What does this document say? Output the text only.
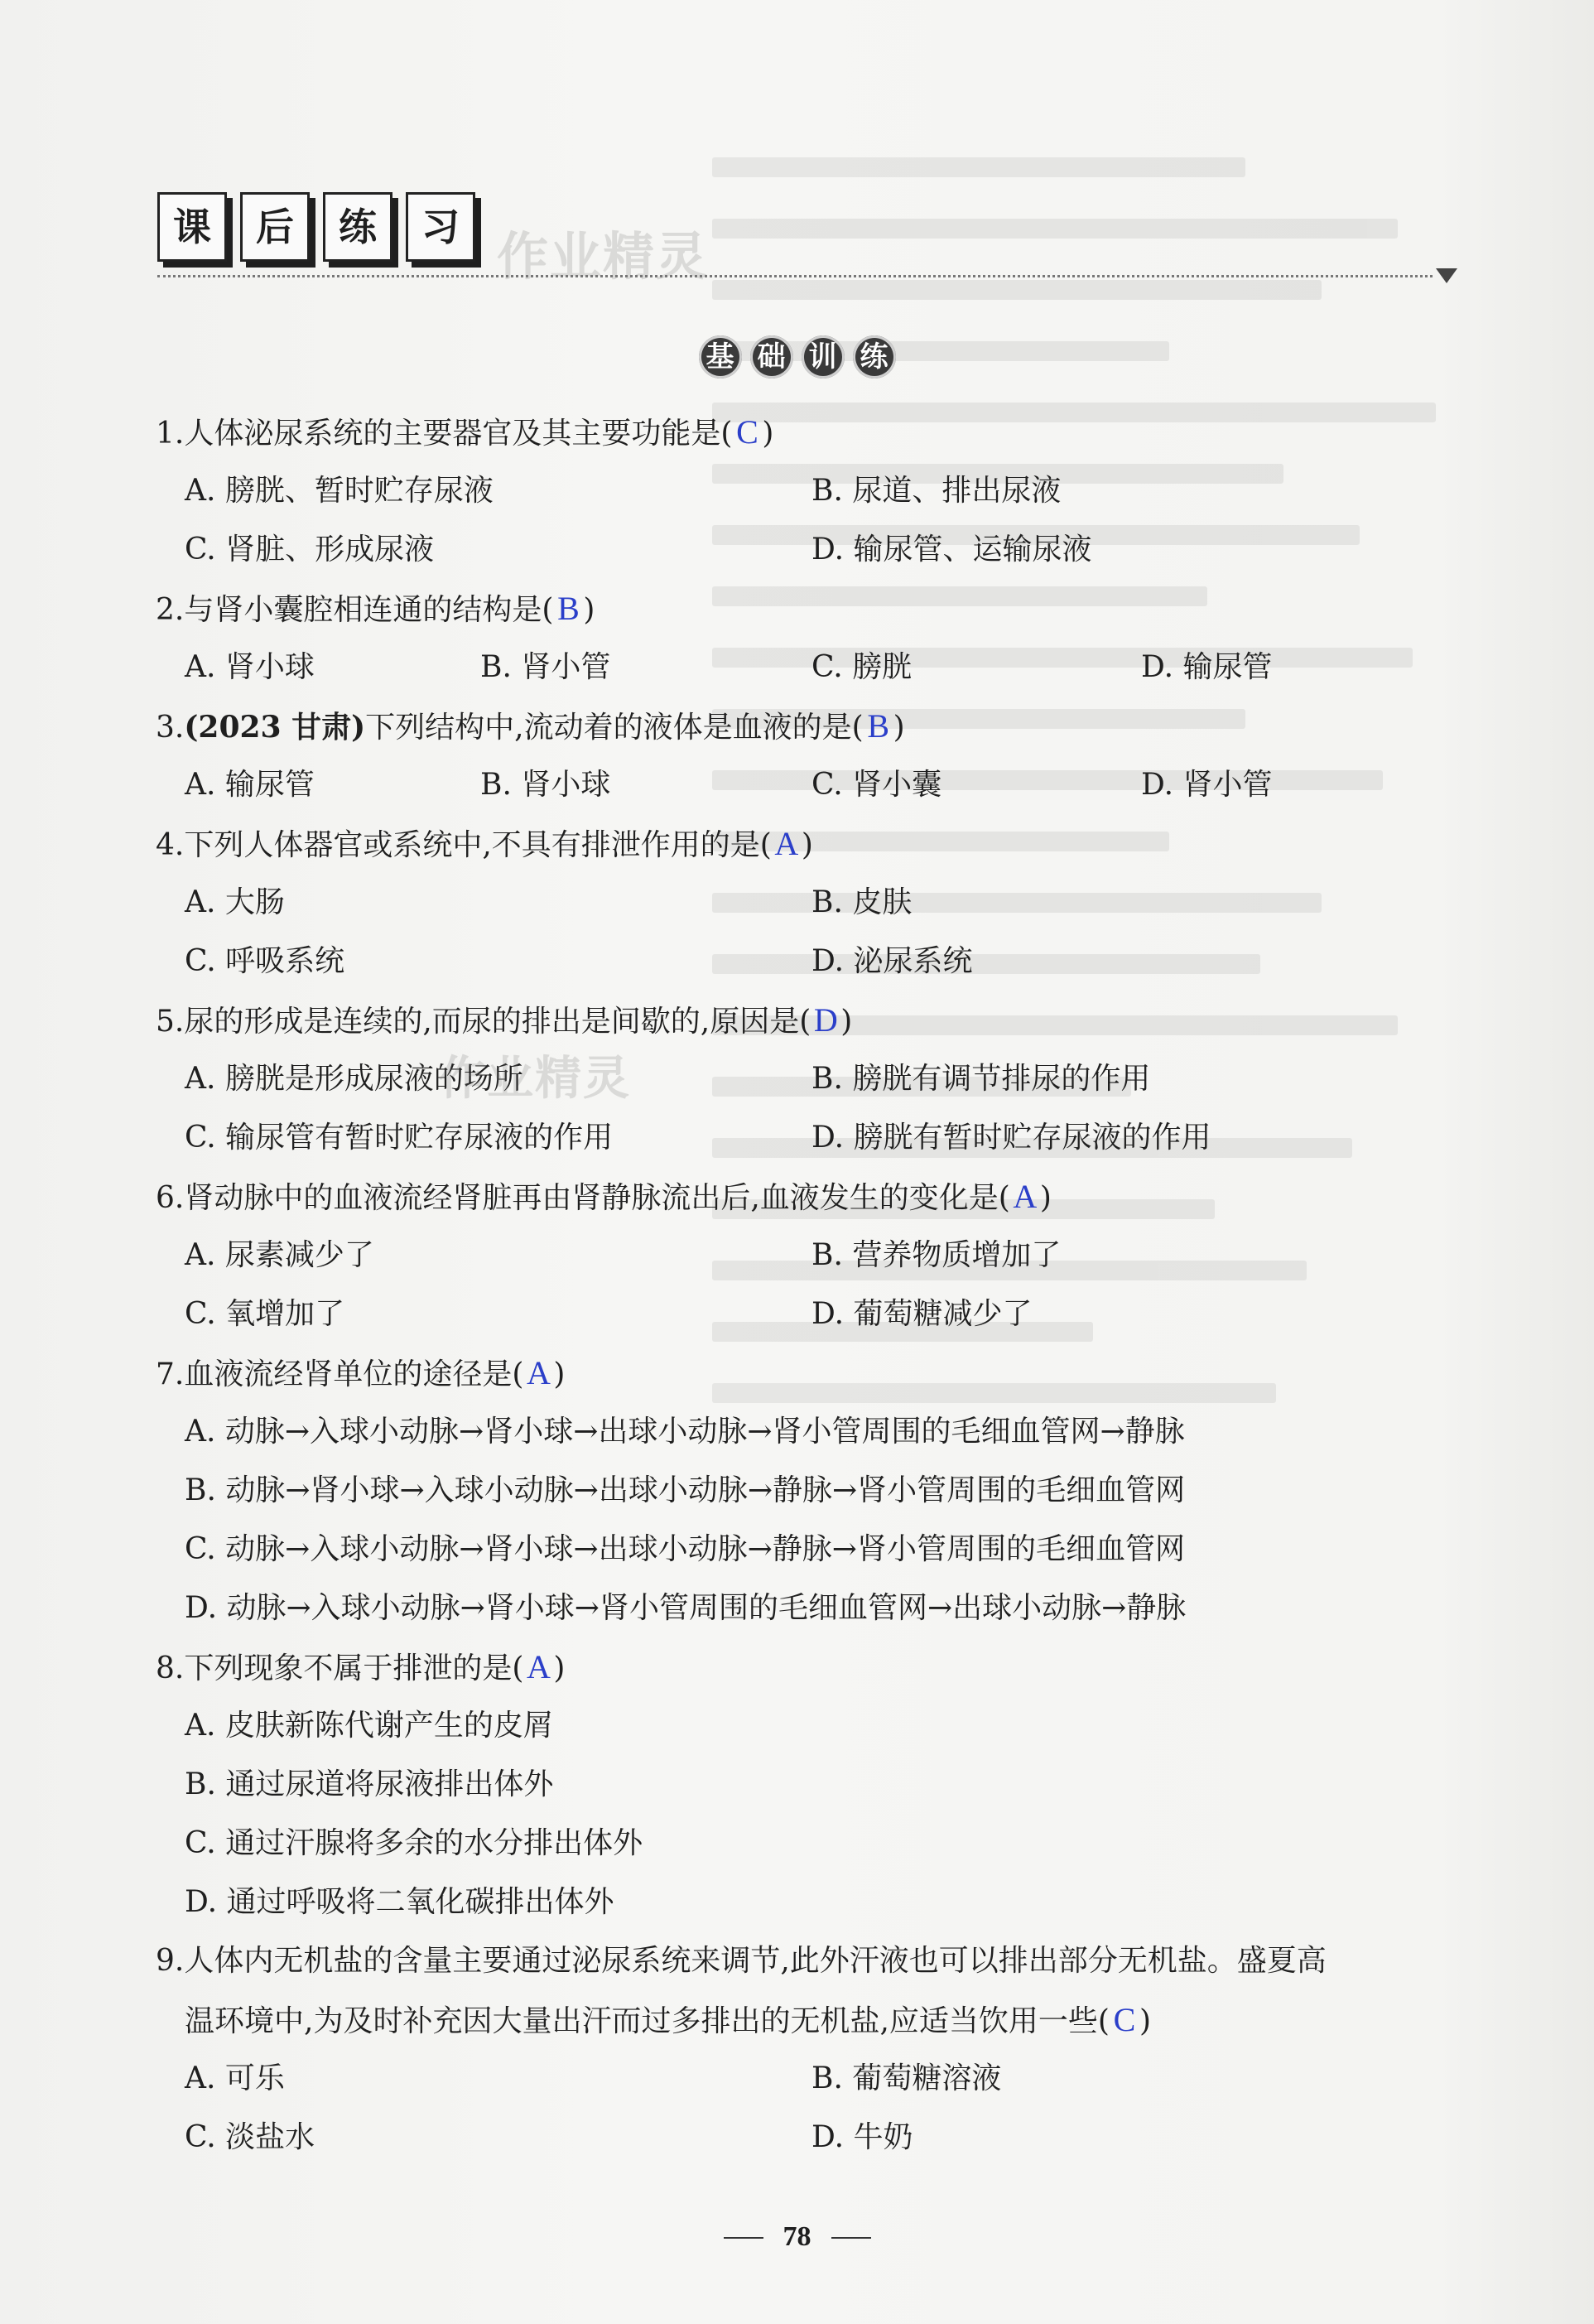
课	后	练	习 作业精灵
基 础 训 练
1.人体泌尿系统的主要器官及其主要功能是( C )
A. 膀胱、暂时贮存尿液	B. 尿道、排出尿液
C. 肾脏、形成尿液	D. 输尿管、运输尿液
2.与肾小囊腔相连通的结构是( B )
A. 肾小球	B. 肾小管	C. 膀胱	D. 输尿管
3.(2023 甘肃)下列结构中,流动着的液体是血液的是( B )
A. 输尿管	B. 肾小球	C. 肾小囊	D. 肾小管
4.下列人体器官或系统中,不具有排泄作用的是(A)
A. 大肠	B. 皮肤
C. 呼吸系统	D. 泌尿系统
5.尿的形成是连续的,而尿的排出是间歇的,原因是(D)
A. 膀胱是形成尿液的场所	B. 膀胱有调节排尿的作用
C. 输尿管有暂时贮存尿液的作用	D. 膀胱有暂时贮存尿液的作用
作业精灵
6.肾动脉中的血液流经肾脏再由肾静脉流出后,血液发生的变化是(A)
A. 尿素减少了	B. 营养物质增加了
C. 氧增加了	D. 葡萄糖减少了
7.血液流经肾单位的途径是(A)
A. 动脉→入球小动脉→肾小球→出球小动脉→肾小管周围的毛细血管网→静脉
B. 动脉→肾小球→入球小动脉→出球小动脉→静脉→肾小管周围的毛细血管网
C. 动脉→入球小动脉→肾小球→出球小动脉→静脉→肾小管周围的毛细血管网
D. 动脉→入球小动脉→肾小球→肾小管周围的毛细血管网→出球小动脉→静脉
8.下列现象不属于排泄的是(A)
A. 皮肤新陈代谢产生的皮屑
B. 通过尿道将尿液排出体外
C. 通过汗腺将多余的水分排出体外
D. 通过呼吸将二氧化碳排出体外
9.人体内无机盐的含量主要通过泌尿系统来调节,此外汗液也可以排出部分无机盐。盛夏高
温环境中,为及时补充因大量出汗而过多排出的无机盐,应适当饮用一些( C )
A. 可乐	B. 葡萄糖溶液
C. 淡盐水	D. 牛奶
78
